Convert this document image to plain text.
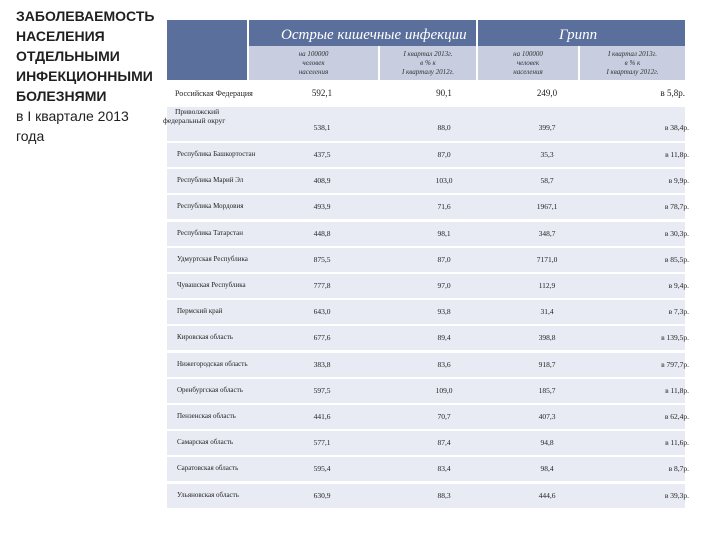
ЗАБОЛЕВАЕМОСТЬ
НАСЕЛЕНИЯ
ОТДЕЛЬНЫМИ
ИНФЕКЦИОННЫМИ
БОЛЕЗНЯМИ
в I квартале 2013
года
Острые кишечные инфекции	Грипп
на 100000
человек
населения
I квартал 2013г.
в % к
I кварталу 2012г.
на 100000
человек
населения
I квартал 2013г.
в % к
I кварталу 2012г.
Российская Федерация	592,1	90,1	249,0	в 5,8р.
Приволжский
федеральный округ
538,1	88,0	399,7	в 38,4р.
Республика Башкортостан	437,5	87,0	35,3	в 11,8р.
Республика Марий Эл	408,9	103,0	58,7	в 9,9р.
Республика Мордовия	493,9	71,6	1967,1	в 78,7р.
Республика Татарстан	448,8	98,1	348,7	в 30,3р.
Удмуртская Республика	875,5	87,0	7171,0	в 85,5р.
Чувашская Республика	777,8	97,0	112,9	в 9,4р.
Пермский край	643,0	93,8	31,4	в 7,3р.
Кировская область	677,6	89,4	398,8	в 139,5р.
Нижегородская область	383,8	83,6	918,7	в 797,7р.
Оренбургская область	597,5	109,0	185,7	в 11,8р.
Пензенская область	441,6	70,7	407,3	в 62,4р.
Самарская область	577,1	87,4	94,8	в 11,6р.
Саратовская область	595,4	83,4	98,4	в 8,7р.
Ульяновская область	630,9	88,3	444,6	в 39,3р.
